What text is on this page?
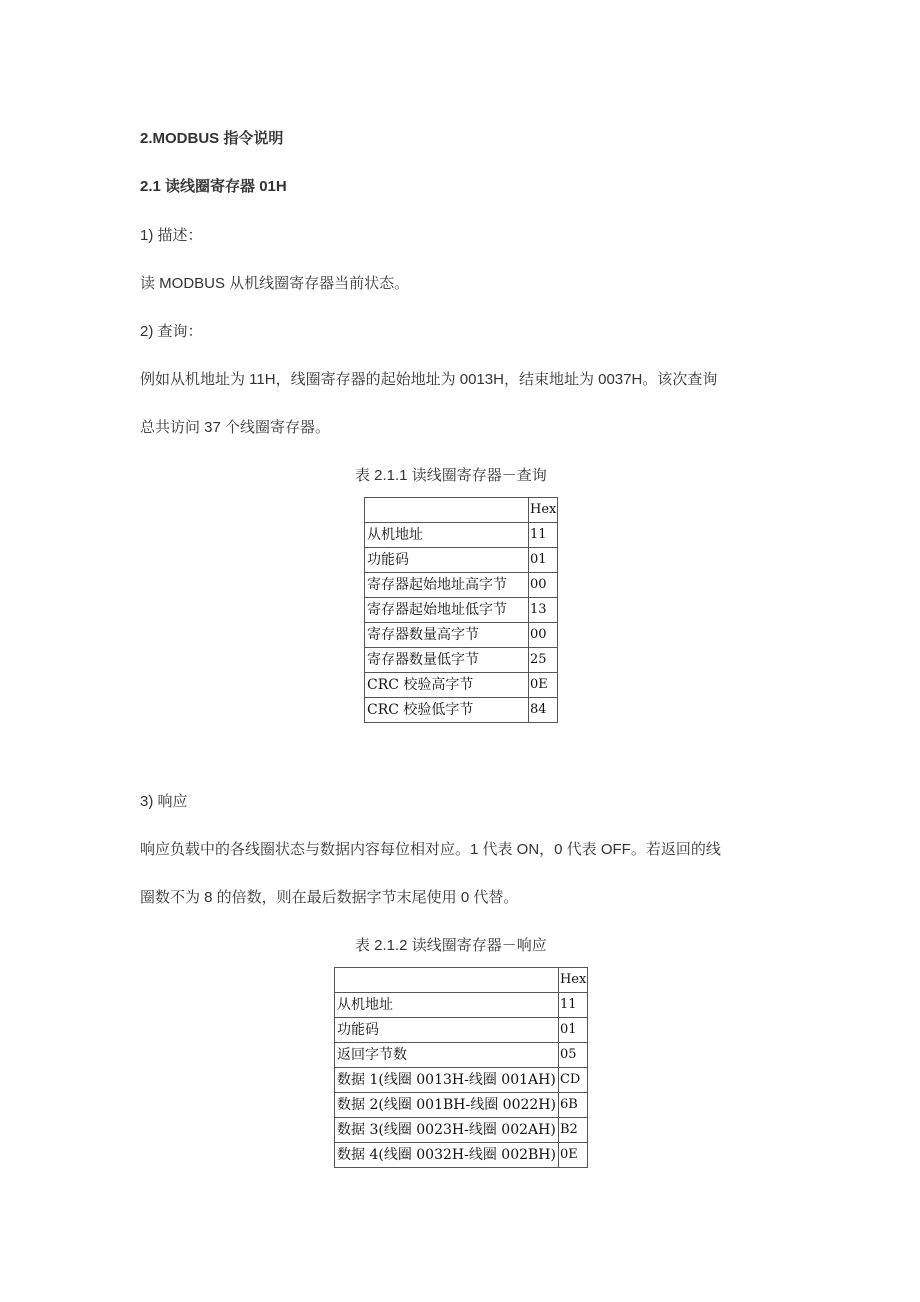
2.MODBUS 指令说明
2.1 读线圈寄存器 01H
1) 描述：
读 MODBUS 从机线圈寄存器当前状态。
2) 查询：
例如从机地址为 11H，线圈寄存器的起始地址为 0013H，结束地址为 0037H。该次查询
总共访问 37 个线圈寄存器。
表 2.1.1 读线圈寄存器－查询
	Hex
从机地址	11
功能码	01
寄存器起始地址高字节	00
寄存器起始地址低字节	13
寄存器数量高字节	00
寄存器数量低字节	25
CRC 校验高字节	0E
CRC 校验低字节	84
3) 响应
响应负载中的各线圈状态与数据内容每位相对应。1 代表 ON，0 代表 OFF。若返回的线
圈数不为 8 的倍数，则在最后数据字节末尾使用 0 代替。
表 2.1.2 读线圈寄存器－响应
	Hex
从机地址	11
功能码	01
返回字节数	05
数据 1(线圈 0013H-线圈 001AH)	CD
数据 2(线圈 001BH-线圈 0022H)	6B
数据 3(线圈 0023H-线圈 002AH)	B2
数据 4(线圈 0032H-线圈 002BH)	0E
